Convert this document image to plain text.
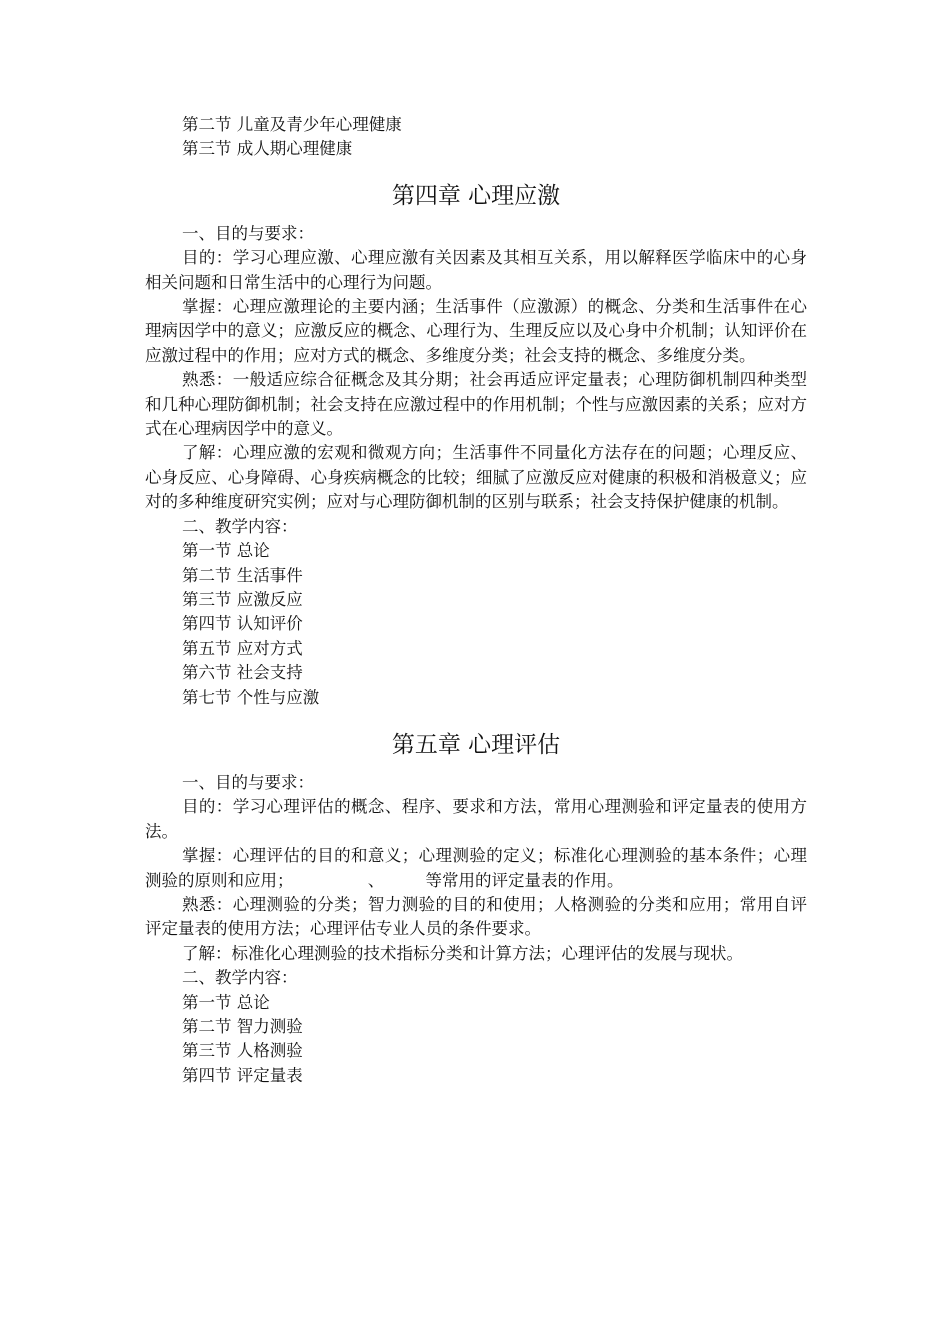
第二节 儿童及青少年心理健康

第三节 成人期心理健康

第四章 心理应激

一、目的与要求：

目的：学习心理应激、心理应激有关因素及其相互关系，用以解释医学临床中的心身相关问题和日常生活中的心理行为问题。

掌握：心理应激理论的主要内涵；生活事件（应激源）的概念、分类和生活事件在心理病因学中的意义；应激反应的概念、心理行为、生理反应以及心身中介机制；认知评价在应激过程中的作用；应对方式的概念、多维度分类；社会支持的概念、多维度分类。

熟悉：一般适应综合征概念及其分期；社会再适应评定量表；心理防御机制四种类型和几种心理防御机制；社会支持在应激过程中的作用机制；个性与应激因素的关系；应对方式在心理病因学中的意义。

了解：心理应激的宏观和微观方向；生活事件不同量化方法存在的问题；心理反应、心身反应、心身障碍、心身疾病概念的比较；细腻了应激反应对健康的积极和消极意义；应对的多种维度研究实例；应对与心理防御机制的区别与联系；社会支持保护健康的机制。

二、教学内容：

第一节 总论

第二节 生活事件

第三节 应激反应

第四节 认知评价

第五节 应对方式

第六节 社会支持

第七节 个性与应激

第五章 心理评估

一、目的与要求：

目的：学习心理评估的概念、程序、要求和方法，常用心理测验和评定量表的使用方法。

掌握：心理评估的目的和意义；心理测验的定义；标准化心理测验的基本条件；心理测验的原则和应用；　　　　　、　　　等常用的评定量表的作用。

熟悉：心理测验的分类；智力测验的目的和使用；人格测验的分类和应用；常用自评评定量表的使用方法；心理评估专业人员的条件要求。

了解：标准化心理测验的技术指标分类和计算方法；心理评估的发展与现状。

二、教学内容：

第一节 总论

第二节 智力测验

第三节 人格测验

第四节 评定量表
